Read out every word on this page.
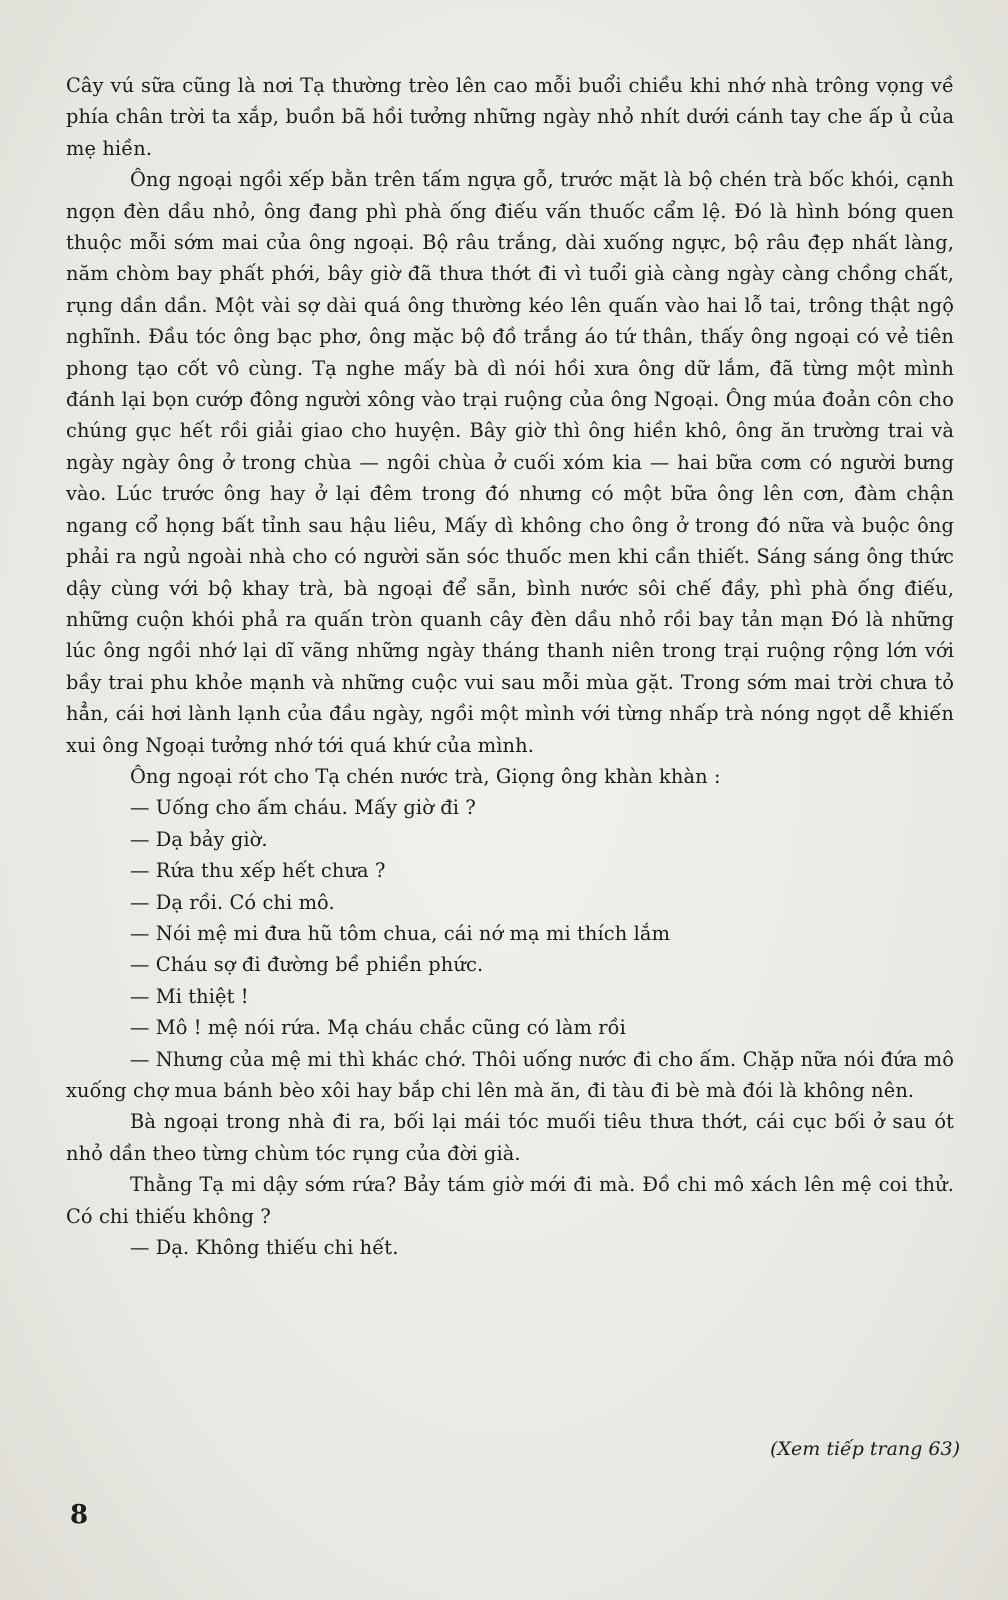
Cây vú sữa cũng là nơi Tạ thường trèo lên cao mỗi buổi chiều khi nhớ nhà trông vọng về phía chân trời ta xắp, buồn bã hồi tưởng những ngày nhỏ nhít dưới cánh tay che ấp ủ của mẹ hiền.

Ông ngoại ngồi xếp bằn trên tấm ngựa gỗ, trước mặt là bộ chén trà bốc khói, cạnh ngọn đèn dầu nhỏ, ông đang phì phà ống điếu vấn thuốc cẩm lệ. Đó là hình bóng quen thuộc mỗi sớm mai của ông ngoại. Bộ râu trắng, dài xuống ngực, bộ râu đẹp nhất làng, năm chòm bay phất phới, bây giờ đã thưa thớt đi vì tuổi già càng ngày càng chồng chất, rụng dần dần. Một vài sợ dài quá ông thường kéo lên quấn vào hai lỗ tai, trông thật ngộ nghĩnh. Đầu tóc ông bạc phơ, ông mặc bộ đồ trắng áo tứ thân, thấy ông ngoại có vẻ tiên phong tạo cốt vô cùng. Tạ nghe mấy bà dì nói hồi xưa ông dữ lắm, đã từng một mình đánh lại bọn cướp đông người xông vào trại ruộng của ông Ngoại. Ông múa đoản côn cho chúng gục hết rồi giải giao cho huyện. Bây giờ thì ông hiền khô, ông ăn trường trai và ngày ngày ông ở trong chùa — ngôi chùa ở cuối xóm kia — hai bữa cơm có người bưng vào. Lúc trước ông hay ở lại đêm trong đó nhưng có một bữa ông lên cơn, đàm chận ngang cổ họng bất tỉnh sau hậu liêu, Mấy dì không cho ông ở trong đó nữa và buộc ông phải ra ngủ ngoài nhà cho có người săn sóc thuốc men khi cần thiết. Sáng sáng ông thức dậy cùng với bộ khay trà, bà ngoại để sẵn, bình nước sôi chế đầy, phì phà ống điếu, những cuộn khói phả ra quấn tròn quanh cây đèn dầu nhỏ rồi bay tản mạn Đó là những lúc ông ngồi nhớ lại dĩ vãng những ngày tháng thanh niên trong trại ruộng rộng lớn với bầy trai phu khỏe mạnh và những cuộc vui sau mỗi mùa gặt. Trong sớm mai trời chưa tỏ hẳn, cái hơi lành lạnh của đầu ngày, ngồi một mình với từng nhấp trà nóng ngọt dễ khiến xui ông Ngoại tưởng nhớ tới quá khứ của mình.

Ông ngoại rót cho Tạ chén nước trà, Giọng ông khàn khàn :

— Uống cho ấm cháu. Mấy giờ đi ?

— Dạ bảy giờ.

— Rứa thu xếp hết chưa ?

— Dạ rồi. Có chi mô.

— Nói mệ mi đưa hũ tôm chua, cái nớ mạ mi thích lắm

— Cháu sợ đi đường bề phiền phức.

— Mi thiệt !

— Mô ! mệ nói rứa. Mạ cháu chắc cũng có làm rồi

— Nhưng của mệ mi thì khác chớ. Thôi uống nước đi cho ấm. Chặp nữa nói đứa mô xuống chợ mua bánh bèo xôi hay bắp chi lên mà ăn, đi tàu đi bè mà đói là không nên.

Bà ngoại trong nhà đi ra, bối lại mái tóc muối tiêu thưa thớt, cái cục bối ở sau ót nhỏ dần theo từng chùm tóc rụng của đời già.

Thằng Tạ mi dậy sớm rứa? Bảy tám giờ mới đi mà. Đồ chi mô xách lên mệ coi thử. Có chi thiếu không ?

— Dạ. Không thiếu chi hết.

(Xem tiếp trang 63)
8
